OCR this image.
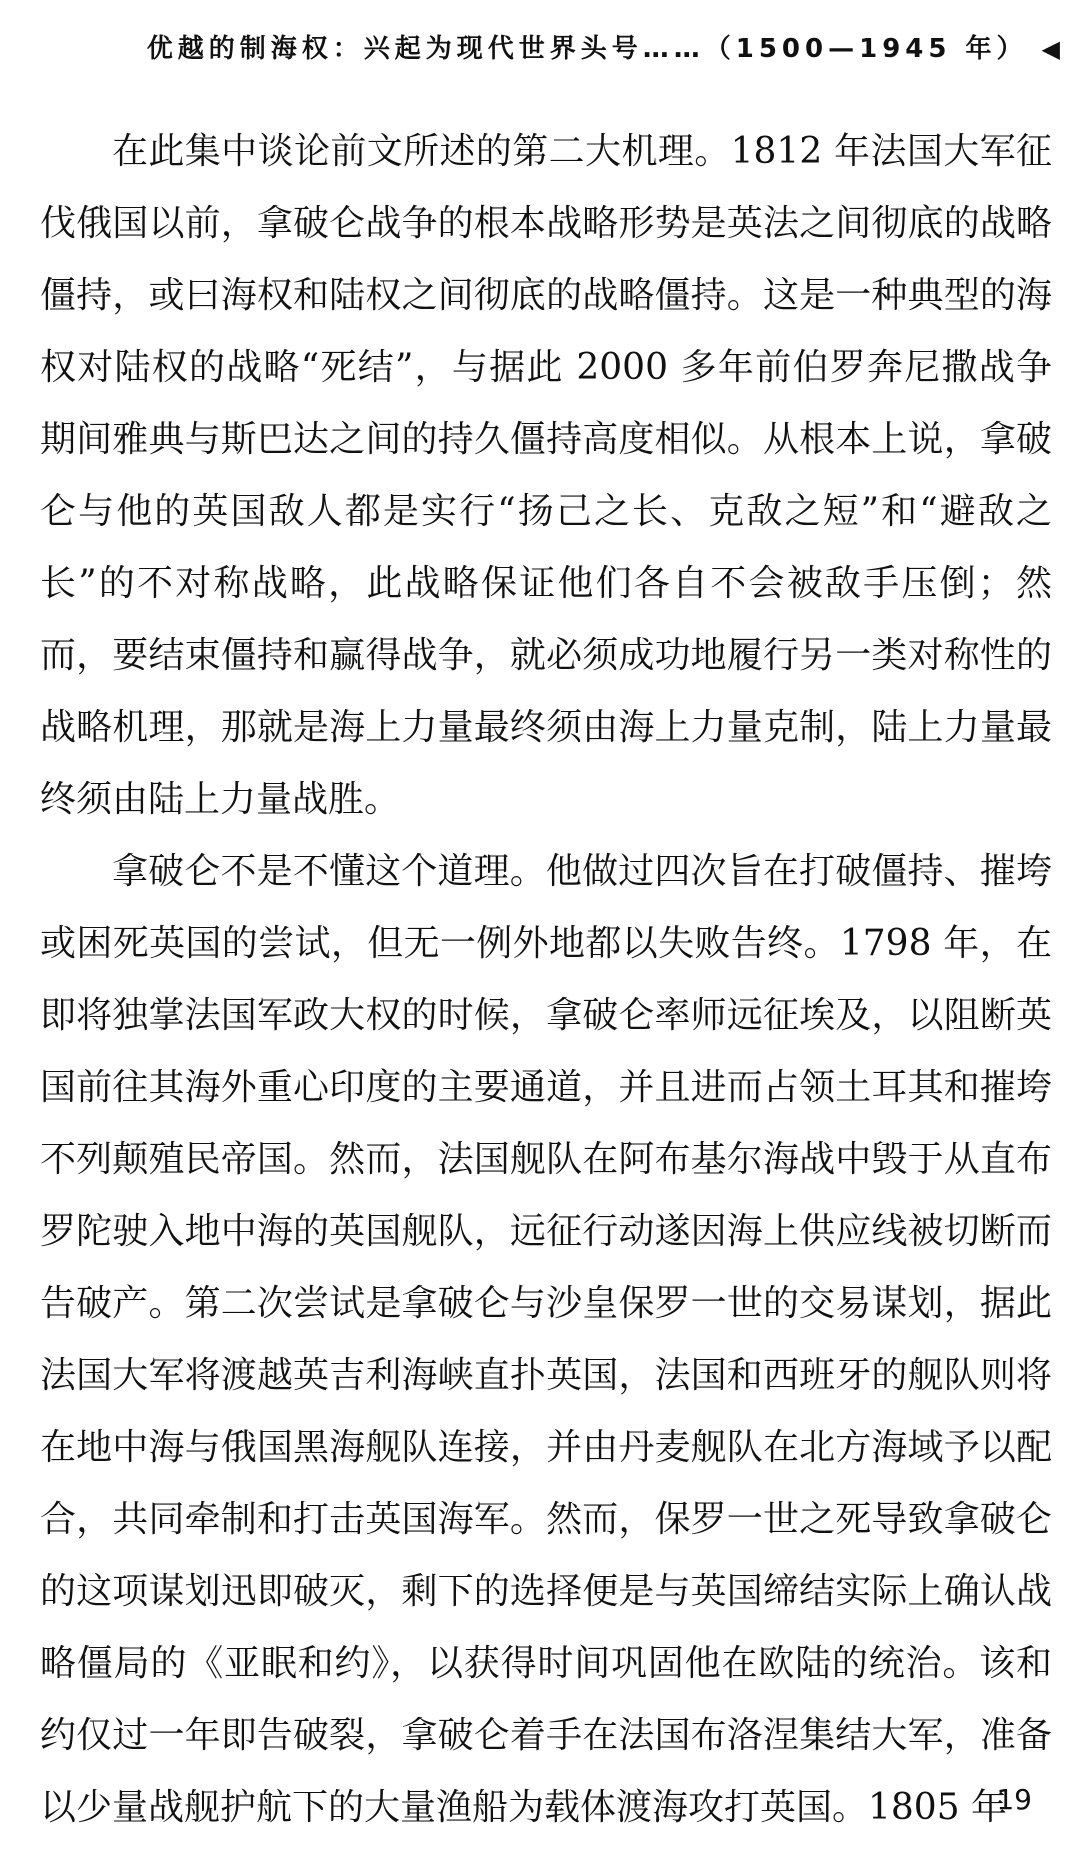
优越的制海权：兴起为现代世界头号……（1500—1945 年） ◀

在此集中谈论前文所述的第二大机理。1812 年法国大军征伐俄国以前，拿破仑战争的根本战略形势是英法之间彻底的战略僵持，或曰海权和陆权之间彻底的战略僵持。这是一种典型的海权对陆权的战略“死结”，与据此 2000 多年前伯罗奔尼撒战争期间雅典与斯巴达之间的持久僵持高度相似。从根本上说，拿破仑与他的英国敌人都是实行“扬己之长、克敌之短”和“避敌之长”的不对称战略，此战略保证他们各自不会被敌手压倒；然而，要结束僵持和赢得战争，就必须成功地履行另一类对称性的战略机理，那就是海上力量最终须由海上力量克制，陆上力量最终须由陆上力量战胜。

拿破仑不是不懂这个道理。他做过四次旨在打破僵持、摧垮或困死英国的尝试，但无一例外地都以失败告终。1798 年，在即将独掌法国军政大权的时候，拿破仑率师远征埃及，以阻断英国前往其海外重心印度的主要通道，并且进而占领土耳其和摧垮不列颠殖民帝国。然而，法国舰队在阿布基尔海战中毁于从直布罗陀驶入地中海的英国舰队，远征行动遂因海上供应线被切断而告破产。第二次尝试是拿破仑与沙皇保罗一世的交易谋划，据此法国大军将渡越英吉利海峡直扑英国，法国和西班牙的舰队则将在地中海与俄国黑海舰队连接，并由丹麦舰队在北方海域予以配合，共同牵制和打击英国海军。然而，保罗一世之死导致拿破仑的这项谋划迅即破灭，剩下的选择便是与英国缔结实际上确认战略僵局的《亚眠和约》，以获得时间巩固他在欧陆的统治。该和约仅过一年即告破裂，拿破仑着手在法国布洛涅集结大军，准备以少量战舰护航下的大量渔船为载体渡海攻打英国。1805 年

19
